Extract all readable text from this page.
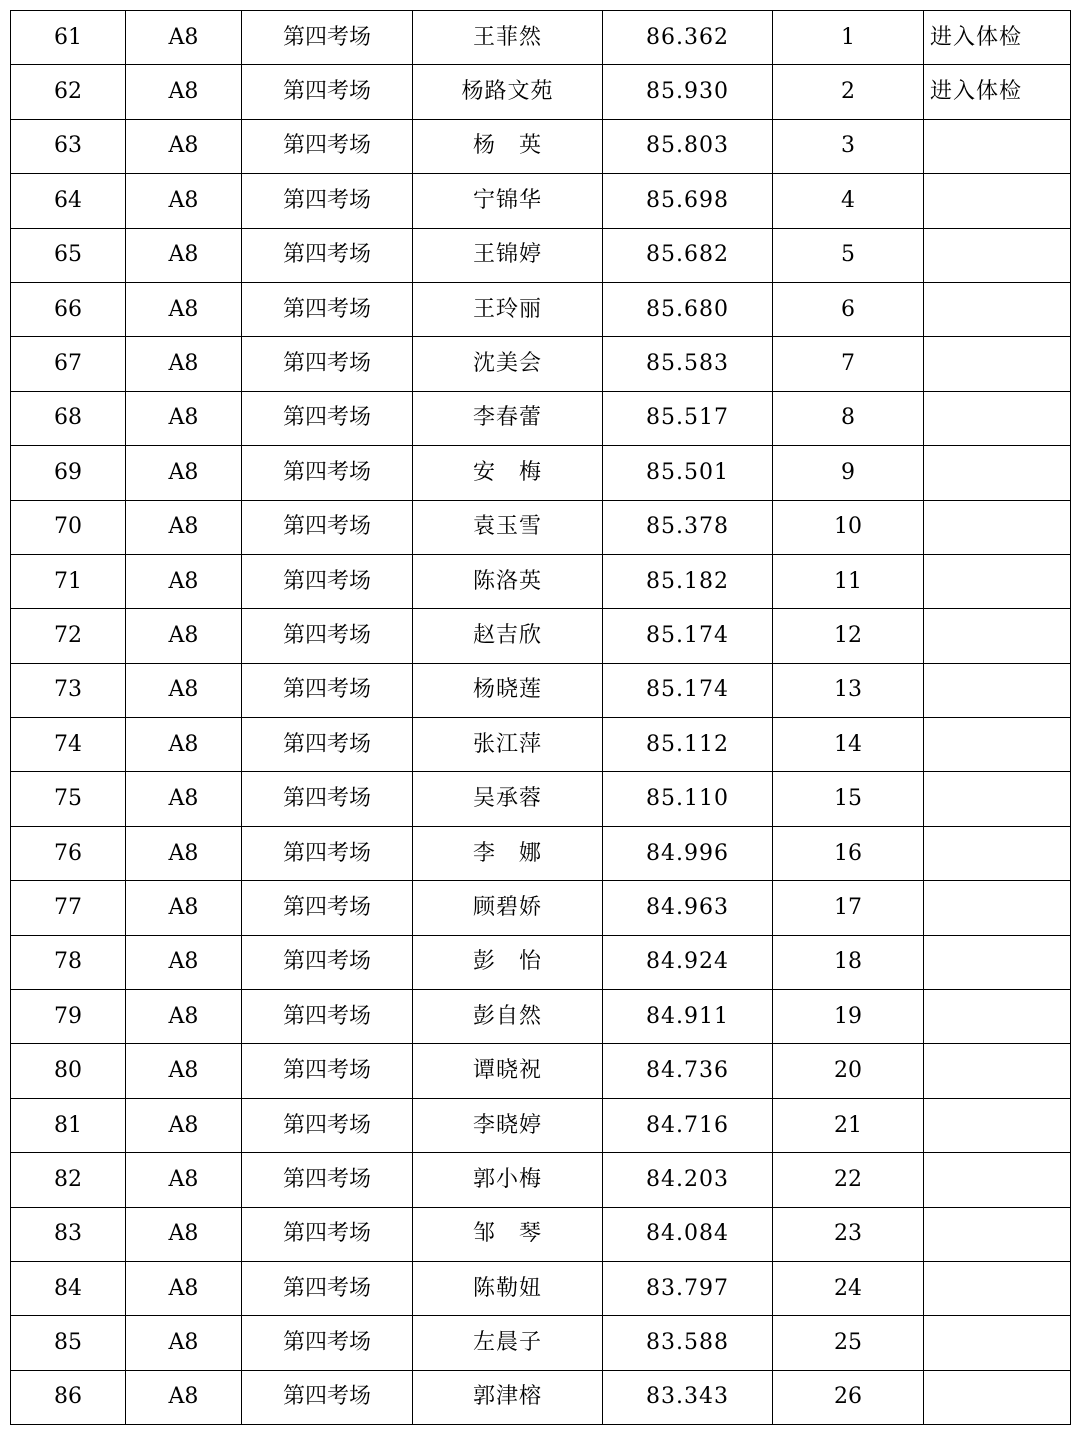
61	A8	第四考场	王菲然	86.362	1	进入体检
62	A8	第四考场	杨路文苑	85.930	2	进入体检
63	A8	第四考场	杨　英	85.803	3	
64	A8	第四考场	宁锦华	85.698	4	
65	A8	第四考场	王锦婷	85.682	5	
66	A8	第四考场	王玲丽	85.680	6	
67	A8	第四考场	沈美会	85.583	7	
68	A8	第四考场	李春蕾	85.517	8	
69	A8	第四考场	安　梅	85.501	9	
70	A8	第四考场	袁玉雪	85.378	10	
71	A8	第四考场	陈洛英	85.182	11	
72	A8	第四考场	赵吉欣	85.174	12	
73	A8	第四考场	杨晓莲	85.174	13	
74	A8	第四考场	张江萍	85.112	14	
75	A8	第四考场	吴承蓉	85.110	15	
76	A8	第四考场	李　娜	84.996	16	
77	A8	第四考场	顾碧娇	84.963	17	
78	A8	第四考场	彭　怡	84.924	18	
79	A8	第四考场	彭自然	84.911	19	
80	A8	第四考场	谭晓祝	84.736	20	
81	A8	第四考场	李晓婷	84.716	21	
82	A8	第四考场	郭小梅	84.203	22	
83	A8	第四考场	邹　琴	84.084	23	
84	A8	第四考场	陈勒妞	83.797	24	
85	A8	第四考场	左晨子	83.588	25	
86	A8	第四考场	郭津榕	83.343	26	
